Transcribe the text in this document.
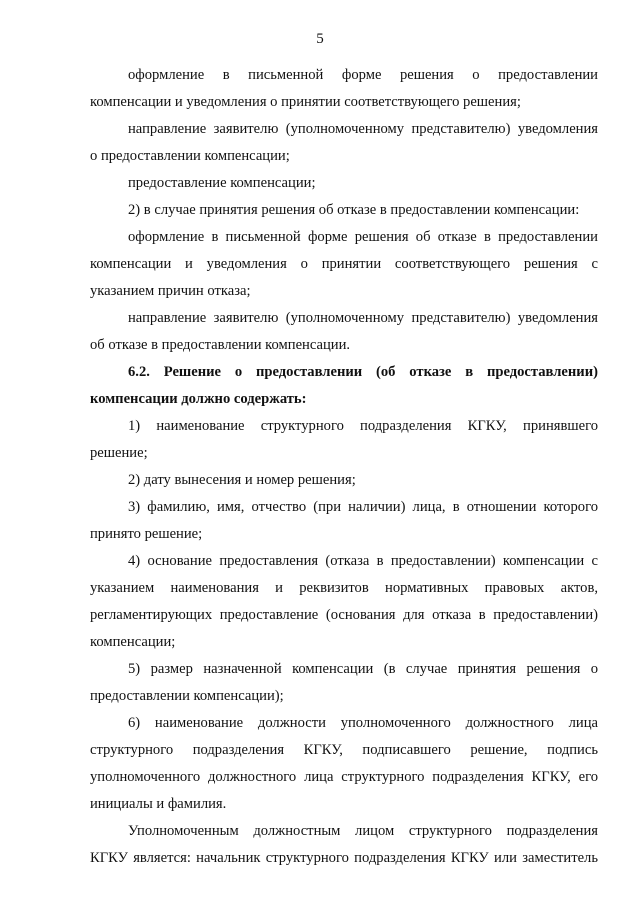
5
оформление в письменной форме решения о предоставлении
компенсации и уведомления о принятии соответствующего решения;
направление заявителю (уполномоченному представителю) уведомления
о предоставлении компенсации;
предоставление компенсации;
2) в случае принятия решения об отказе в предоставлении компенсации:
оформление в письменной форме решения об отказе в предоставлении
компенсации и уведомления о принятии соответствующего решения с
указанием причин отказа;
направление заявителю (уполномоченному представителю) уведомления
об отказе в предоставлении компенсации.
6.2. Решение о предоставлении (об отказе в предоставлении)
компенсации должно содержать:
1) наименование структурного подразделения КГКУ, принявшего
решение;
2) дату вынесения и номер решения;
3) фамилию, имя, отчество (при наличии) лица, в отношении которого
принято решение;
4) основание предоставления (отказа в предоставлении) компенсации с
указанием наименования и реквизитов нормативных правовых актов,
регламентирующих предоставление (основания для отказа в предоставлении)
компенсации;
5) размер назначенной компенсации (в случае принятия решения о
предоставлении компенсации);
6) наименование должности уполномоченного должностного лица
структурного подразделения КГКУ, подписавшего решение, подпись
уполномоченного должностного лица структурного подразделения КГКУ, его
инициалы и фамилия.
Уполномоченным должностным лицом структурного подразделения
КГКУ является: начальник структурного подразделения КГКУ или заместитель
